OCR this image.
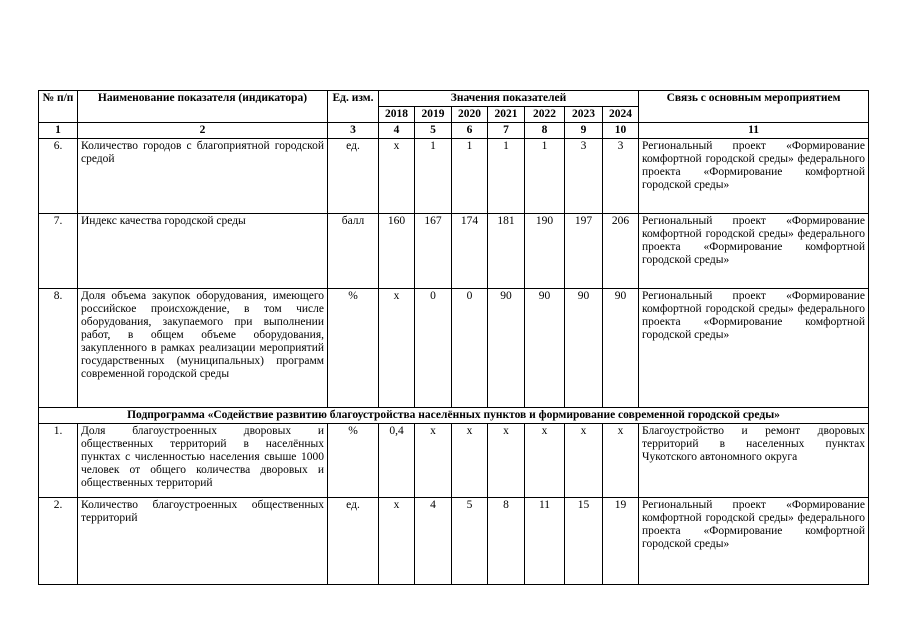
№ п/п	Наименование показателя (индикатора)	Ед. изм.	Значения показателей							Связь с основным мероприятием
			2018	2019	2020	2021	2022	2023	2024	
1	2	3	4	5	6	7	8	9	10	11
6.	Количество городов с благоприятной городской средой	ед.	х	1	1	1	1	3	3	Региональный проект «Формирование комфортной городской среды» федерального проекта «Формирование комфортной городской среды»
7.	Индекс качества городской среды	балл	160	167	174	181	190	197	206	Региональный проект «Формирование комфортной городской среды» федерального проекта «Формирование комфортной городской среды»
8.	Доля объема закупок оборудования, имеющего российское происхождение, в том числе оборудования, закупаемого при выполнении работ, в общем объеме оборудования, закупленного в рамках реализации мероприятий государственных (муниципальных) программ современной городской среды	%	х	0	0	90	90	90	90	Региональный проект «Формирование комфортной городской среды» федерального проекта «Формирование комфортной городской среды»
Подпрограмма «Содействие развитию благоустройства населённых пунктов и формирование современной городской среды»										
1.	Доля благоустроенных дворовых и общественных территорий в населённых пунктах с численностью населения свыше 1000 человек от общего количества дворовых и общественных территорий	%	0,4	х	х	х	х	х	х	Благоустройство и ремонт дворовых территорий в населенных пунктах Чукотского автономного округа
2.	Количество благоустроенных общественных территорий	ед.	х	4	5	8	11	15	19	Региональный проект «Формирование комфортной городской среды» федерального проекта «Формирование комфортной городской среды»
